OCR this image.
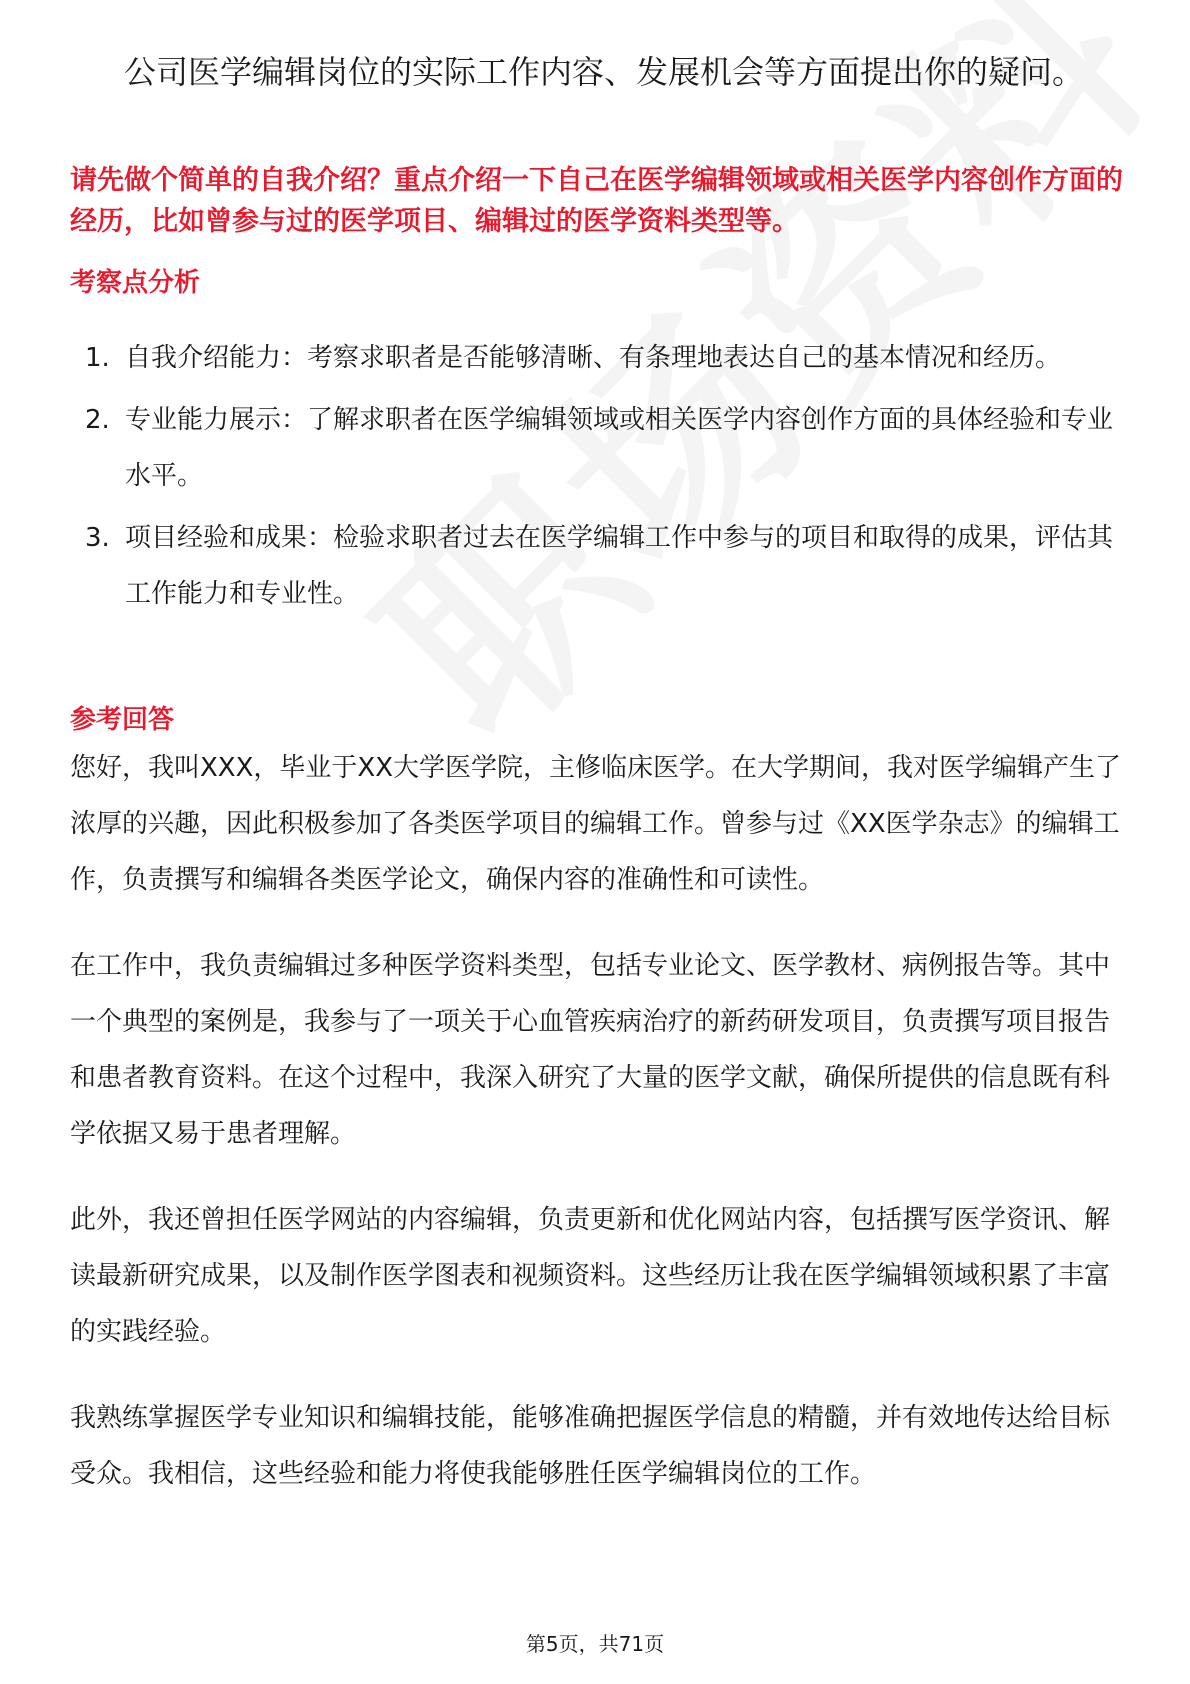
公司医学编辑岗位的实际工作内容、发展机会等方面提出你的疑问。
请先做个简单的自我介绍？重点介绍一下自己在医学编辑领域或相关医学内容创作方面的经历，比如曾参与过的医学项目、编辑过的医学资料类型等。
考察点分析
1. 自我介绍能力：考察求职者是否能够清晰、有条理地表达自己的基本情况和经历。
2. 专业能力展示：了解求职者在医学编辑领域或相关医学内容创作方面的具体经验和专业水平。
3. 项目经验和成果：检验求职者过去在医学编辑工作中参与的项目和取得的成果，评估其工作能力和专业性。
参考回答

您好，我叫XXX，毕业于XX大学医学院，主修临床医学。在大学期间，我对医学编辑产生了浓厚的兴趣，因此积极参加了各类医学项目的编辑工作。曾参与过《XX医学杂志》的编辑工作，负责撰写和编辑各类医学论文，确保内容的准确性和可读性。

在工作中，我负责编辑过多种医学资料类型，包括专业论文、医学教材、病例报告等。其中一个典型的案例是，我参与了一项关于心血管疾病治疗的新药研发项目，负责撰写项目报告和患者教育资料。在这个过程中，我深入研究了大量的医学文献，确保所提供的信息既有科学依据又易于患者理解。

此外，我还曾担任医学网站的内容编辑，负责更新和优化网站内容，包括撰写医学资讯、解读最新研究成果，以及制作医学图表和视频资料。这些经历让我在医学编辑领域积累了丰富的实践经验。

我熟练掌握医学专业知识和编辑技能，能够准确把握医学信息的精髓，并有效地传达给目标受众。我相信，这些经验和能力将使我能够胜任医学编辑岗位的工作。

第5页，共71页
